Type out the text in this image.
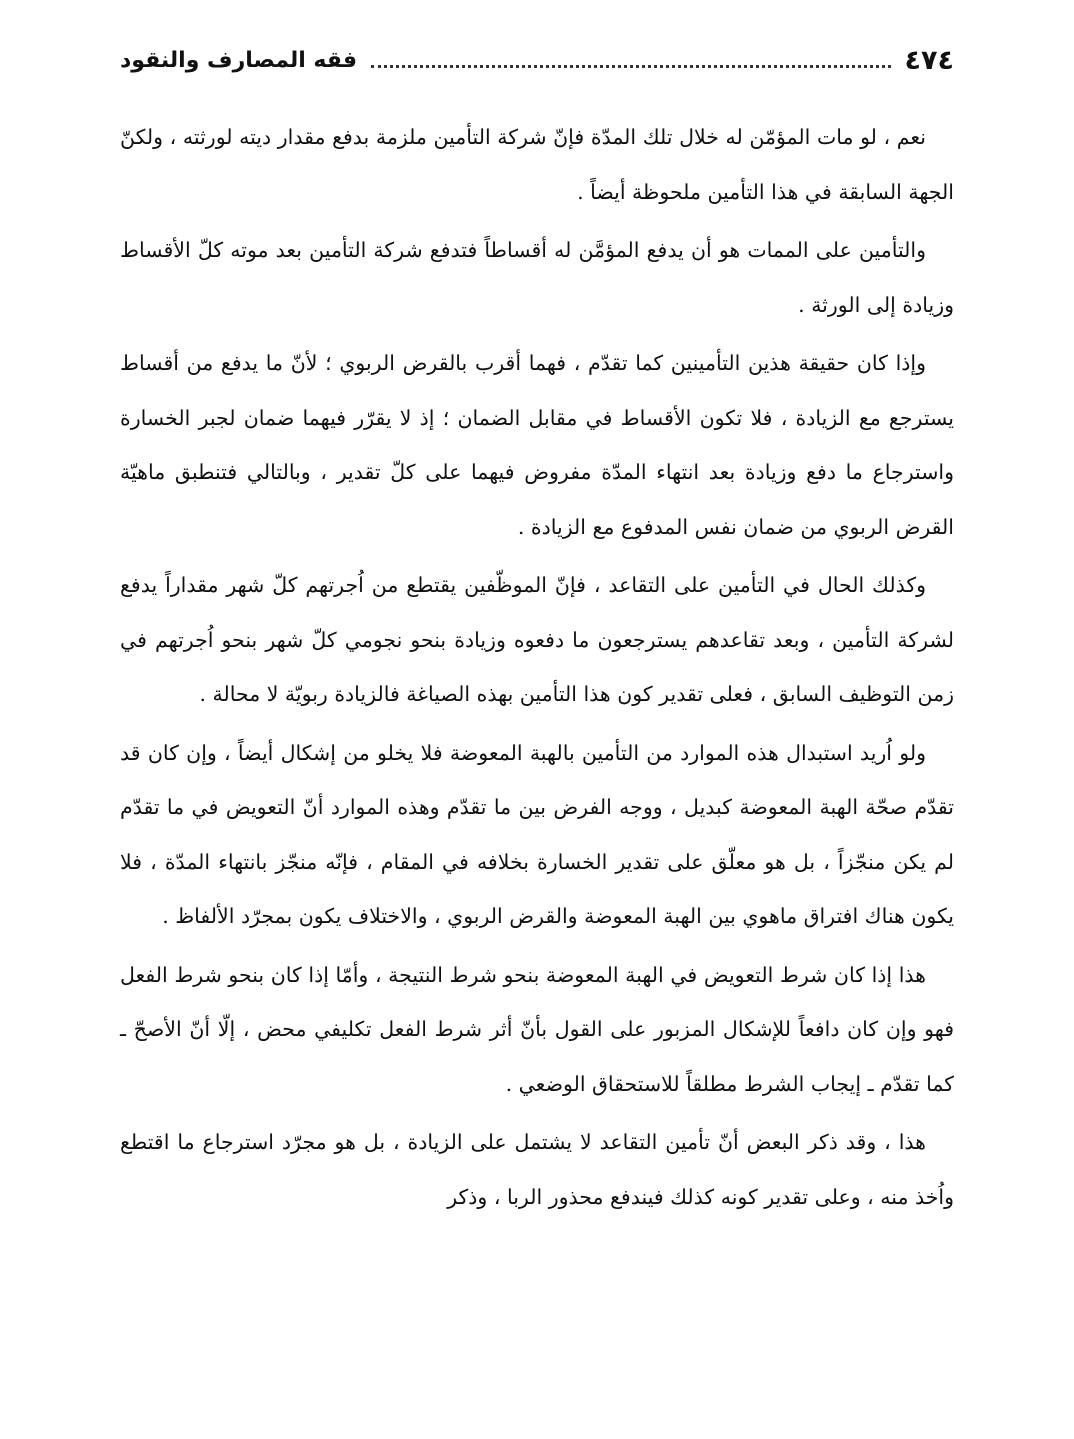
٤٧٤
فقه المصارف والنقود

نعم ، لو مات المؤمّن له خلال تلك المدّة فإنّ شركة التأمين ملزمة بدفع مقدار ديته لورثته ، ولكنّ الجهة السابقة في هذا التأمين ملحوظة أيضاً .

والتأمين على الممات هو أن يدفع المؤمَّن له أقساطاً فتدفع شركة التأمين بعد موته كلّ الأقساط وزيادة إلى الورثة .

وإذا كان حقيقة هذين التأمينين كما تقدّم ، فهما أقرب بالقرض الربوي ؛ لأنّ ما يدفع من أقساط يسترجع مع الزيادة ، فلا تكون الأقساط في مقابل الضمان ؛ إذ لا يقرّر فيهما ضمان لجبر الخسارة واسترجاع ما دفع وزيادة بعد انتهاء المدّة مفروض فيهما على كلّ تقدير ، وبالتالي فتنطبق ماهيّة القرض الربوي من ضمان نفس المدفوع مع الزيادة .

وكذلك الحال في التأمين على التقاعد ، فإنّ الموظّفين يقتطع من اُجرتهم كلّ شهر مقداراً يدفع لشركة التأمين ، وبعد تقاعدهم يسترجعون ما دفعوه وزيادة بنحو نجومي كلّ شهر بنحو اُجرتهم في زمن التوظيف السابق ، فعلى تقدير كون هذا التأمين بهذه الصياغة فالزيادة ربويّة لا محالة .

ولو اُريد استبدال هذه الموارد من التأمين بالهبة المعوضة فلا يخلو من إشكال أيضاً ، وإن كان قد تقدّم صحّة الهبة المعوضة كبديل ، ووجه الفرض بين ما تقدّم وهذه الموارد أنّ التعويض في ما تقدّم لم يكن منجّزاً ، بل هو معلّق على تقدير الخسارة بخلافه في المقام ، فإنّه منجّز بانتهاء المدّة ، فلا يكون هناك افتراق ماهوي بين الهبة المعوضة والقرض الربوي ، والاختلاف يكون بمجرّد الألفاظ .

هذا إذا كان شرط التعويض في الهبة المعوضة بنحو شرط النتيجة ، وأمّا إذا كان بنحو شرط الفعل فهو وإن كان دافعاً للإشكال المزبور على القول بأنّ أثر شرط الفعل تكليفي محض ، إلّا أنّ الأصحّ ـ كما تقدّم ـ إيجاب الشرط مطلقاً للاستحقاق الوضعي .

هذا ، وقد ذكر البعض أنّ تأمين التقاعد لا يشتمل على الزيادة ، بل هو مجرّد استرجاع ما اقتطع واُخذ منه ، وعلى تقدير كونه كذلك فيندفع محذور الربا ، وذكر
